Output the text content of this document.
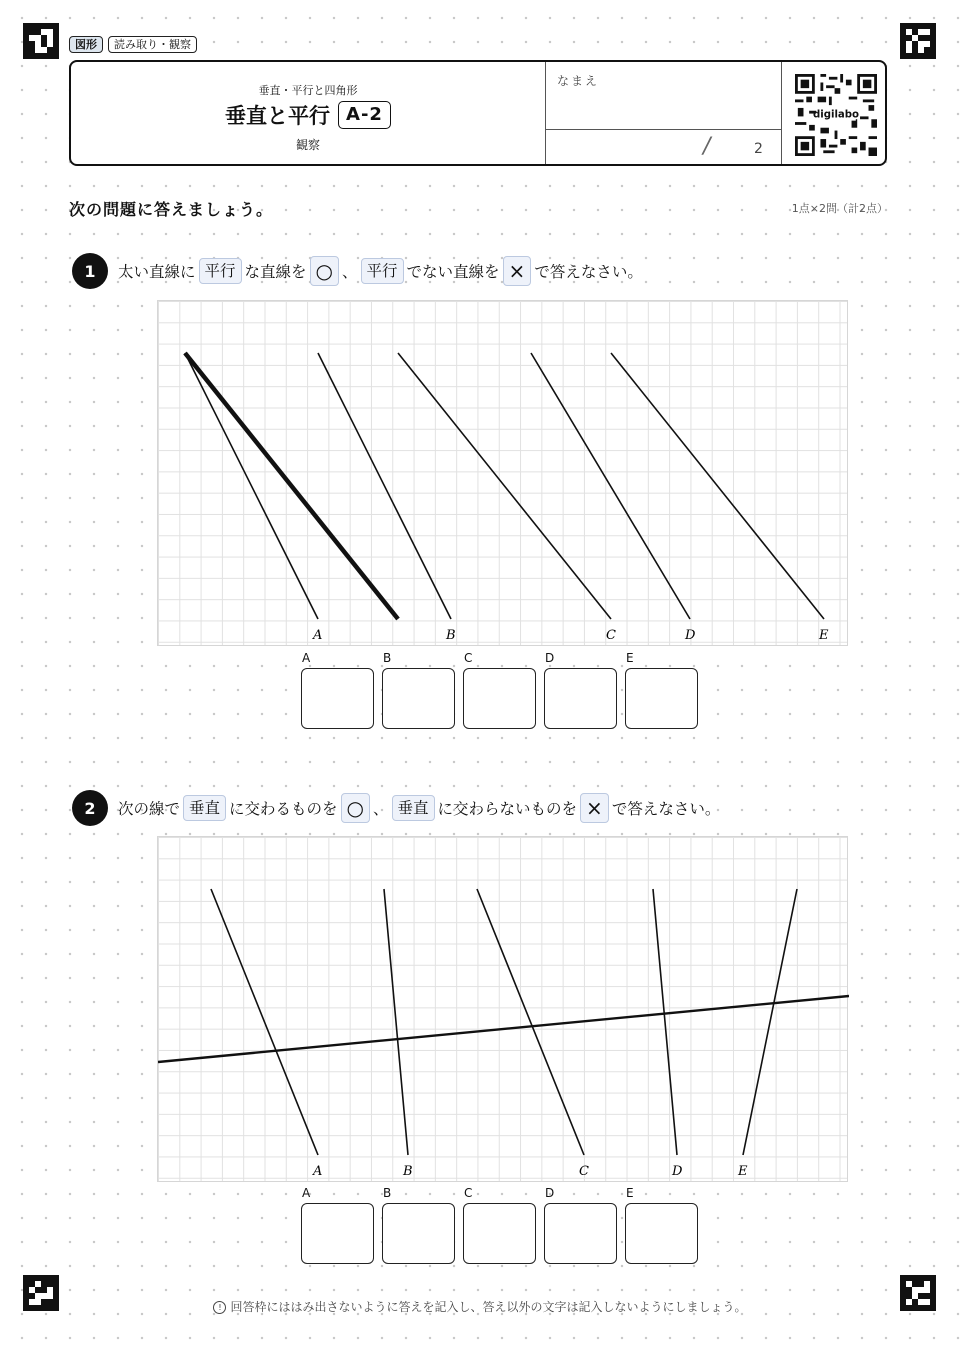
図形	読み取り・観察
垂直・平行と四角形
垂直と平行 A-2
観察
なまえ
/	2
digilabo
次の問題に答えましょう。	1点×2問（計2点）
1	太い直線に 平行 な直線を ○ 、 平行 でない直線を × で答えなさい。
A	B	C	D	E
A	B	C	D	E
2	次の線で 垂直 に交わるものを ○ 、 垂直 に交わらないものを × で答えなさい。
A	B	C	D	E
A	B	C	D	E
! 回答枠にははみ出さないように答えを記入し、答え以外の文字は記入しないようにしましょう。
